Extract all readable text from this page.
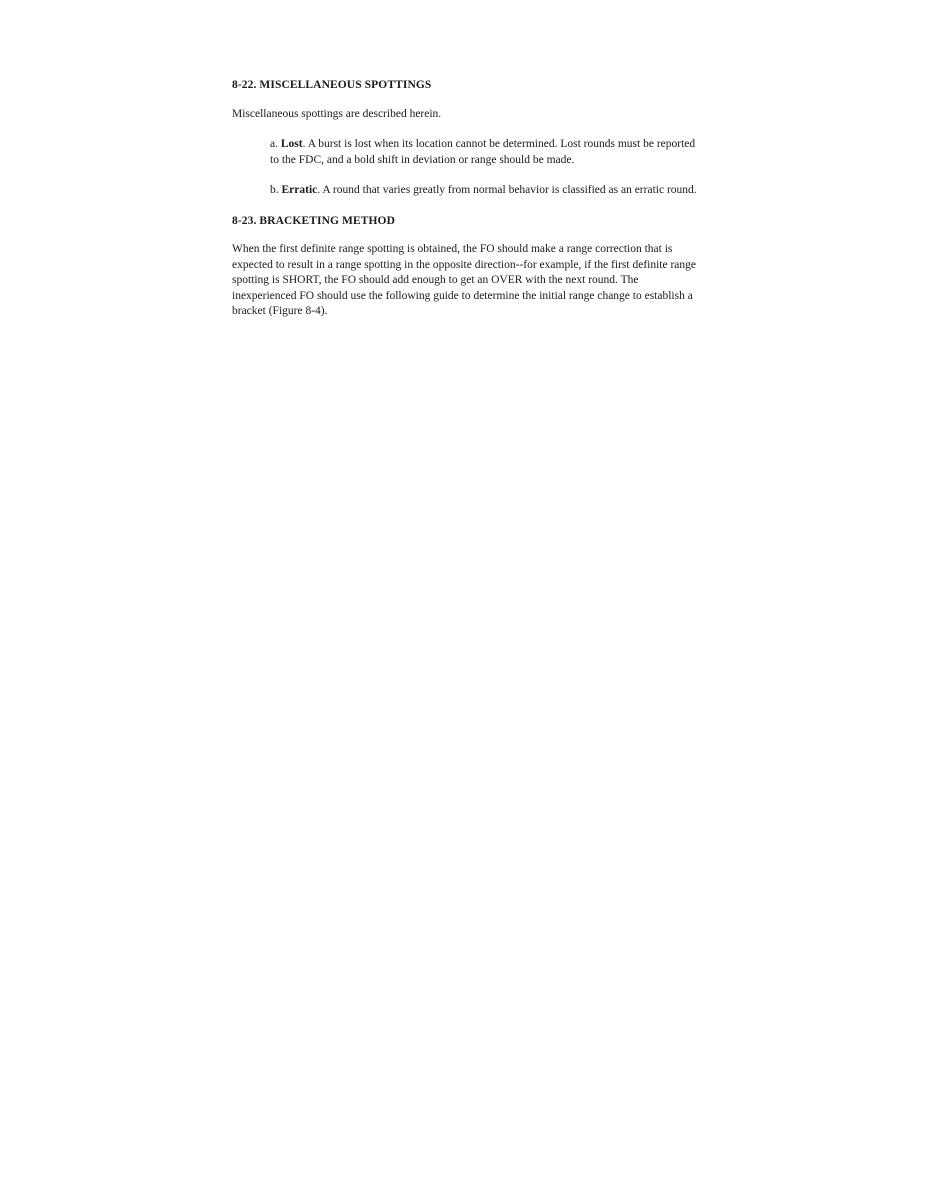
8-22. MISCELLANEOUS SPOTTINGS
Miscellaneous spottings are described herein.
a. Lost. A burst is lost when its location cannot be determined. Lost rounds must be reported to the FDC, and a bold shift in deviation or range should be made.
b. Erratic. A round that varies greatly from normal behavior is classified as an erratic round.
8-23. BRACKETING METHOD
When the first definite range spotting is obtained, the FO should make a range correction that is expected to result in a range spotting in the opposite direction--for example, if the first definite range spotting is SHORT, the FO should add enough to get an OVER with the next round. The inexperienced FO should use the following guide to determine the initial range change to establish a bracket (Figure 8-4).
